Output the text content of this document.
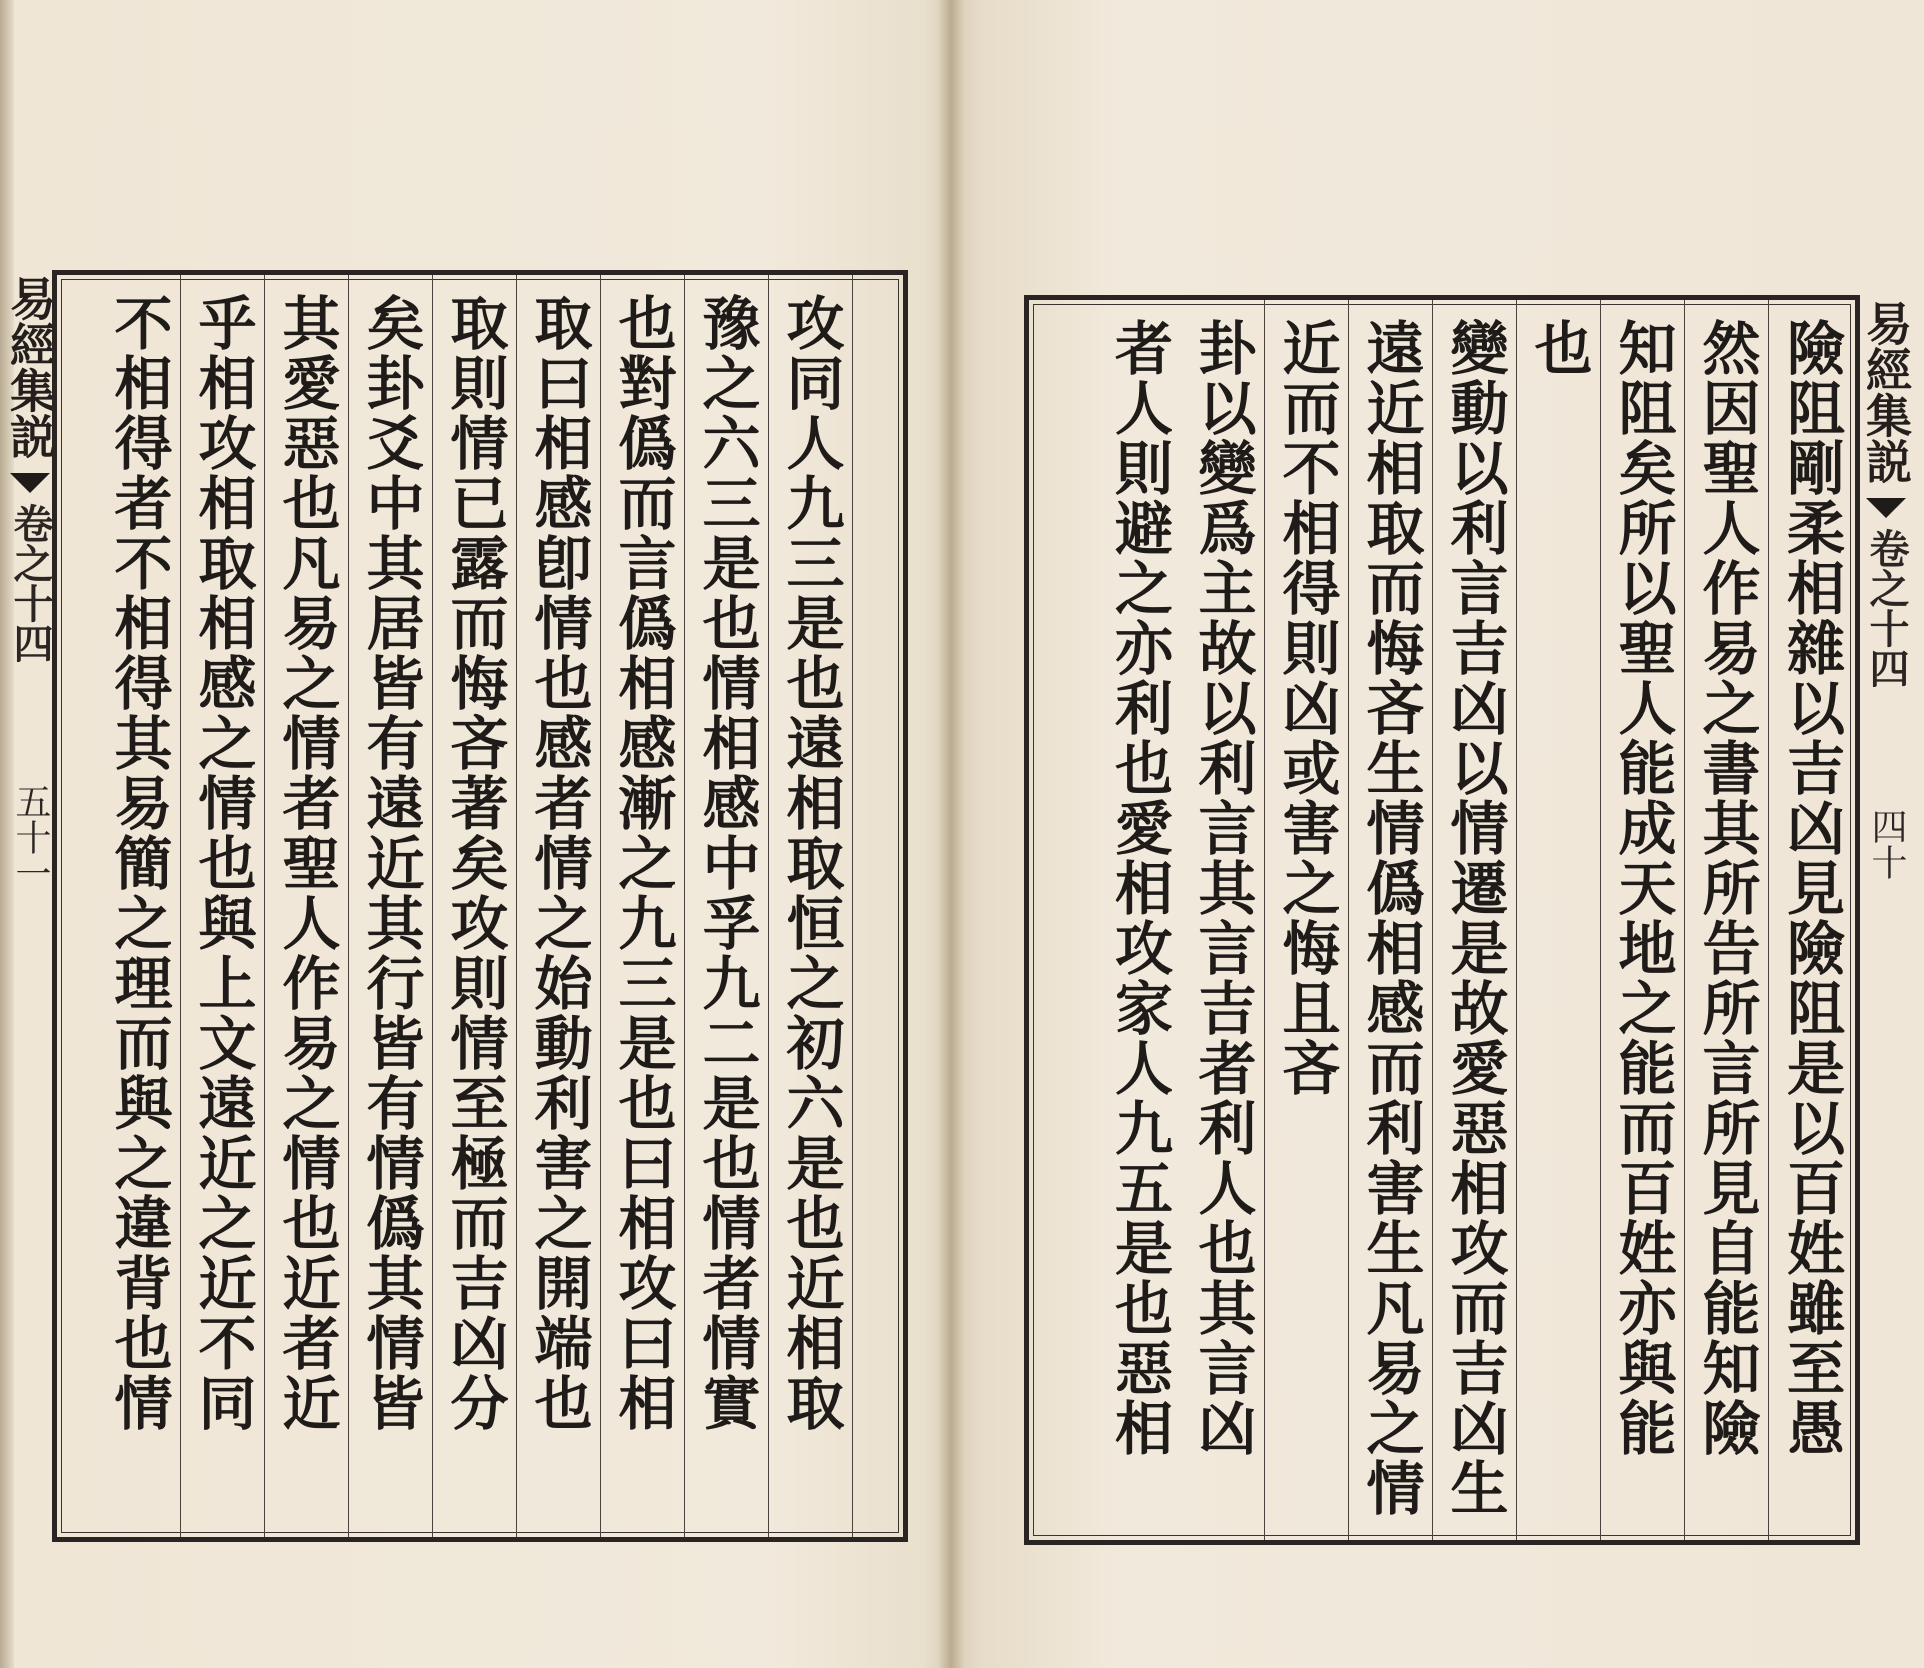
易經集説
卷之十四
五十一	攻同人九三是也遠相取恒之初六是也近相取
豫之六三是也情相感中孚九二是也情者情實
也對僞而言僞相感漸之九三是也曰相攻曰相
取曰相感卽情也感者情之始動利害之開端也
取則情已露而悔吝著矣攻則情至極而吉凶分
矣卦爻中其居皆有遠近其行皆有情僞其情皆
其愛惡也凡易之情者聖人作易之情也近者近
乎相攻相取相感之情也與上文遠近之近不同
不相得者不相得其易簡之理而與之違背也情	險阻剛柔相雜以吉凶見險阻是以百姓雖至愚
然因聖人作易之書其所告所言所見自能知險
知阻矣所以聖人能成天地之能而百姓亦與能
也
變動以利言吉凶以情遷是故愛惡相攻而吉凶生
遠近相取而悔吝生情僞相感而利害生凡易之情
近而不相得則凶或害之悔且吝
卦以變爲主故以利言其言吉者利人也其言凶
者人則避之亦利也愛相攻家人九五是也惡相	易經集説
卷之十四
四十
